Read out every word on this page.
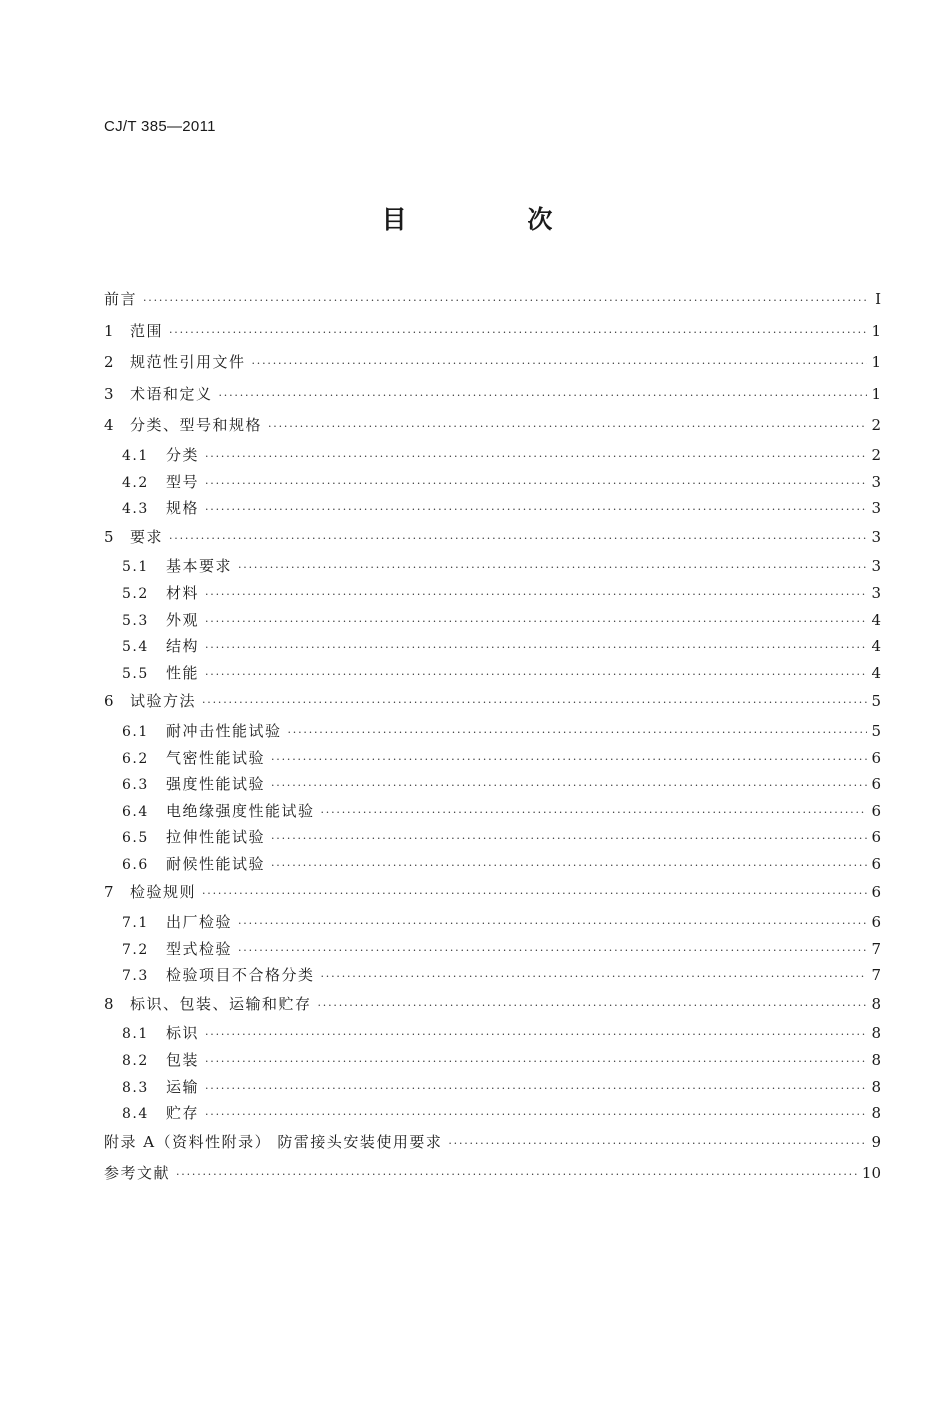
CJ/T 385—2011
目 次
前言 ·····	Ⅰ
1	范围 ·····	1
2	规范性引用文件 ·····	1
3	术语和定义 ·····	1
4	分类、型号和规格 ·····	2
4.1	分类 ·····	2
4.2	型号 ·····	3
4.3	规格 ·····	3
5	要求 ·····	3
5.1	基本要求 ·····	3
5.2	材料 ·····	3
5.3	外观 ·····	4
5.4	结构 ·····	4
5.5	性能 ·····	4
6	试验方法 ·····	5
6.1	耐冲击性能试验 ·····	5
6.2	气密性能试验 ·····	6
6.3	强度性能试验 ·····	6
6.4	电绝缘强度性能试验 ·····	6
6.5	拉伸性能试验 ·····	6
6.6	耐候性能试验 ·····	6
7	检验规则 ·····	6
7.1	出厂检验 ·····	6
7.2	型式检验 ·····	7
7.3	检验项目不合格分类 ·····	7
8	标识、包装、运输和贮存 ·····	8
8.1	标识 ·····	8
8.2	包装 ·····	8
8.3	运输 ·····	8
8.4	贮存 ·····	8
附录 A（资料性附录） 防雷接头安装使用要求 ·····	9
参考文献 ·····	10
